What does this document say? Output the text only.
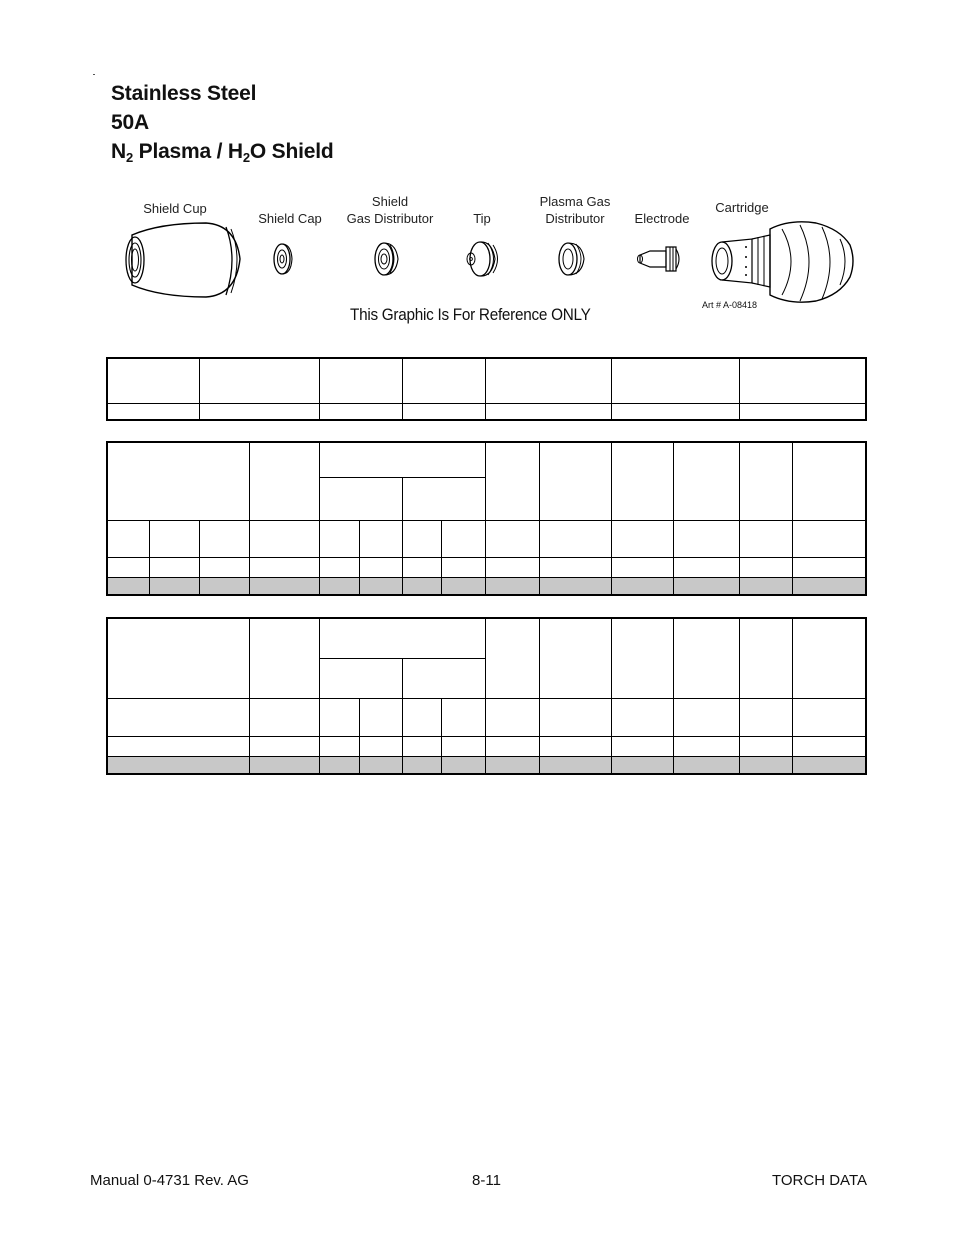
Stainless Steel
50A
$N_2$ Plasma / $H_2O$ Shield
Shield Cup
Shield Cap
Shield
Gas Distributor	Tip
Plasma Gas
Distributor	Electrode
Cartridge
This Graphic Is For Reference ONLY	Art # A-08418

Manual 0-4731 Rev. AG	8-11	TORCH DATA
